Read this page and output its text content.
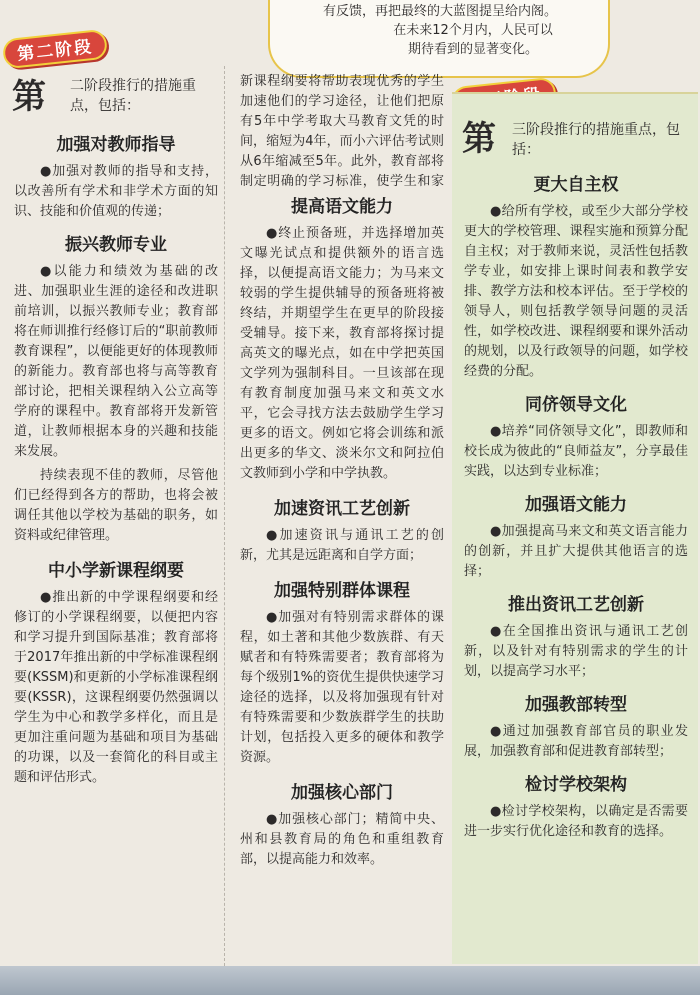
有反馈，再把最终的大蓝图提呈给内阁。
在未来12个月内，人民可以
期待看到的显著变化。
第二阶段
第 二阶段推行的措施重点，包括：
加强对教师指导

●加强对教师的指导和支持，以改善所有学术和非学术方面的知识、技能和价值观的传递；

振兴教师专业

●以能力和绩效为基础的改进、加强职业生涯的途径和改进职前培训，以振兴教师专业；教育部将在师训推行经修订后的“职前教师教育课程”，以便能更好的体现教师的新能力。教育部也将与高等教育部讨论，把相关课程纳入公立高等学府的课程中。教育部将开发新管道，让教师根据本身的兴趣和技能来发展。

持续表现不佳的教师，尽管他们已经得到各方的帮助，也将会被调任其他以学校为基础的职务，如资料或纪律管理。

中小学新课程纲要

●推出新的中学课程纲要和经修订的小学课程纲要，以便把内容和学习提升到国际基准；教育部将于2017年推出新的中学标准课程纲要(KSSM)和更新的小学标准课程纲要(KSSR)，这课程纲要仍然强调以学生为中心和教学多样化，而且是更加注重问题为基础和项目为基础的功课，以及一套简化的科目或主题和评估形式。

新课程纲要将帮助表现优秀的学生加速他们的学习途径，让他们把原有5年中学考取大马教育文凭的时间，缩短为4年，而小六评估考试则从6年缩减至5年。此外，教育部将制定明确的学习标准，使学生和家

提高语文能力

●终止预备班，并选择增加英文曝光试点和提供额外的语言选择，以便提高语文能力；为马来文较弱的学生提供辅导的预备班将被终结，并期望学生在更早的阶段接受辅导。接下来，教育部将探讨提高英文的曝光点，如在中学把英国文学列为强制科目。一旦该部在现有教育制度加强马来文和英文水平，它会寻找方法去鼓励学生学习更多的语文。例如它将会训练和派出更多的华文、淡米尔文和阿拉伯文教师到小学和中学执教。

加速资讯工艺创新

●加速资讯与通讯工艺的创新，尤其是远距离和自学方面；

加强特别群体课程

●加强对有特别需求群体的课程，如土著和其他少数族群、有天赋者和有特殊需要者；教育部将为每个级别1%的资优生提供快速学习途径的选择，以及将加强现有针对有特殊需要和少数族群学生的扶助计划，包括投入更多的硬体和教学资源。

加强核心部门

●加强核心部门；精简中央、州和县教育局的角色和重组教育部，以提高能力和效率。

第 三阶段推行的措施重点，包括：
更大自主权

●给所有学校，或至少大部分学校更大的学校管理、课程实施和预算分配自主权；对于教师来说，灵活性包括教学专业，如安排上课时间表和教学安排、教学方法和校本评估。至于学校的领导人，则包括教学领导问题的灵活性，如学校改进、课程纲要和课外活动的规划，以及行政领导的问题，如学校经费的分配。

同侪领导文化

●培养“同侪领导文化”，即教师和校长成为彼此的“良师益友”，分享最佳实践，以达到专业标准；

加强语文能力

●加强提高马来文和英文语言能力的创新，并且扩大提供其他语言的选择；

推出资讯工艺创新

●在全国推出资讯与通讯工艺创新，以及针对有特别需求的学生的计划，以提高学习水平；

加强教部转型

●通过加强教育部官员的职业发展，加强教育部和促进教育部转型；

检讨学校架构

●检讨学校架构，以确定是否需要进一步实行优化途径和教育的选择。
